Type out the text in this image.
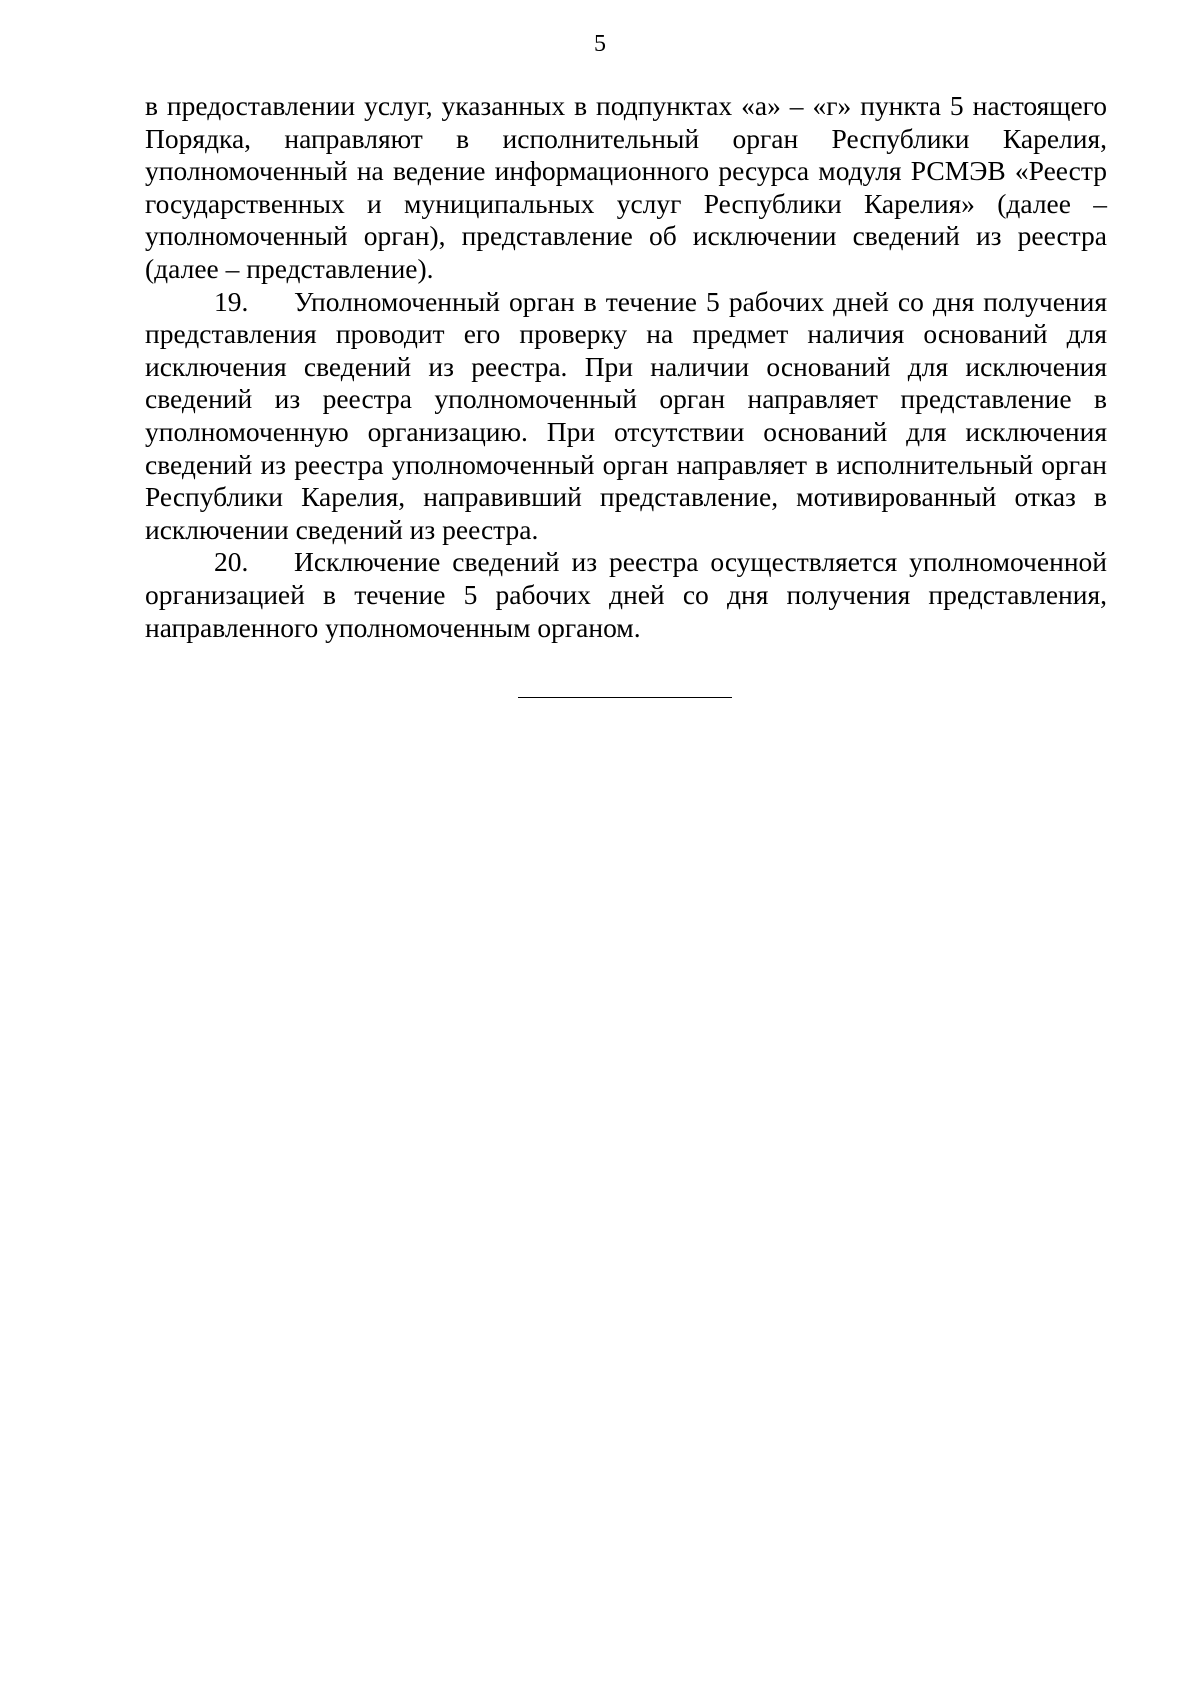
5

в предоставлении услуг, указанных в подпунктах «а» – «г» пункта 5 настоящего Порядка, направляют в исполнительный орган Республики Карелия, уполномоченный на ведение информационного ресурса модуля РСМЭВ «Реестр государственных и муниципальных услуг Республики Карелия» (далее – уполномоченный орган), представление об исключении сведений из реестра (далее – представление).

19. Уполномоченный орган в течение 5 рабочих дней со дня получения представления проводит его проверку на предмет наличия оснований для исключения сведений из реестра. При наличии оснований для исключения сведений из реестра уполномоченный орган направляет представление в уполномоченную организацию. При отсутствии оснований для исключения сведений из реестра уполномоченный орган направляет в исполнительный орган Республики Карелия, направивший представление, мотивированный отказ в исключении сведений из реестра.

20. Исключение сведений из реестра осуществляется уполномоченной организацией в течение 5 рабочих дней со дня получения представления, направленного уполномоченным органом.
